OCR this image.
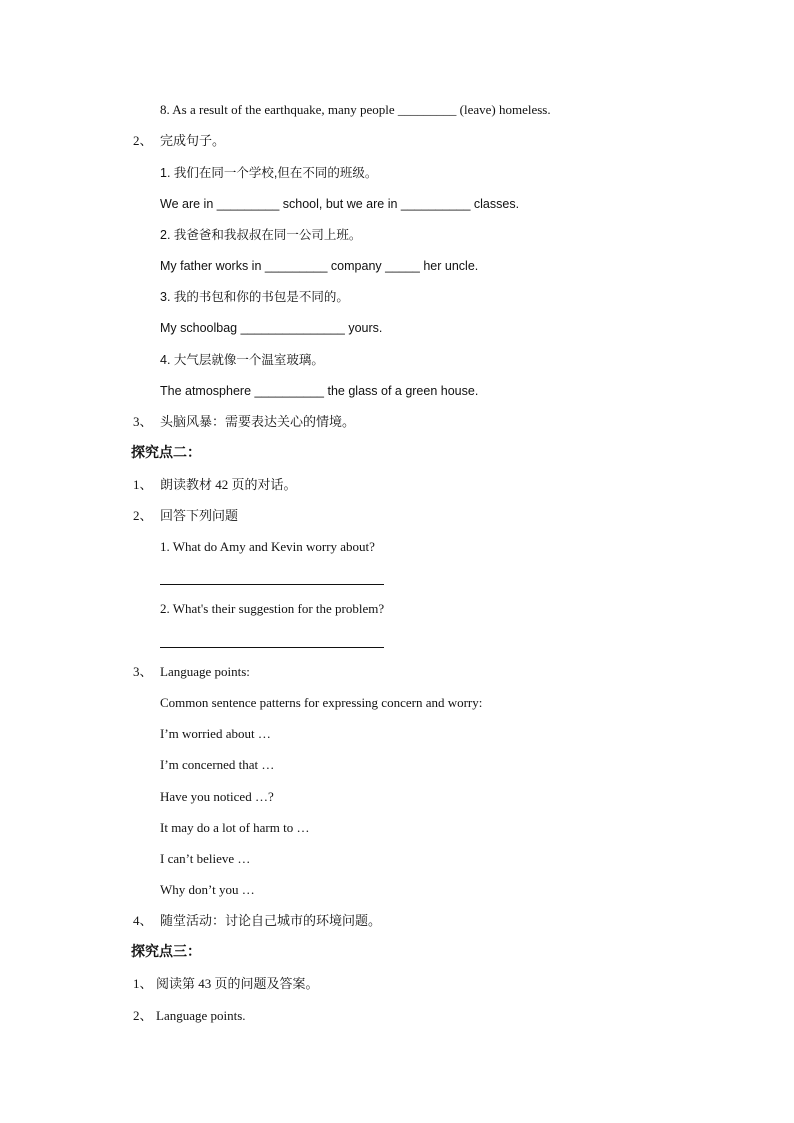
8. As a result of the earthquake, many people _________ (leave) homeless.
2、 完成句子。
1. 我们在同一个学校,但在不同的班级。
We are in _________ school, but we are in __________ classes.
2. 我爸爸和我叔叔在同一公司上班。
My father works in _________ company _____ her uncle.
3. 我的书包和你的书包是不同的。
My schoolbag _______________ yours.
4. 大气层就像一个温室玻璃。
The atmosphere __________ the glass of a green house.
3、 头脑风暴：需要表达关心的情境。
探究点二：
1、 朗读教材 42 页的对话。
2、 回答下列问题
1. What do Amy and Kevin worry about?
2. What's their suggestion for the problem?
3、 Language points:
Common sentence patterns for expressing concern and worry:
I’m worried about …
I’m concerned that …
Have you noticed …?
It may do a lot of harm to …
I can’t believe …
Why don’t you …
4、 随堂活动：讨论自己城市的环境问题。
探究点三：
1、 阅读第 43 页的问题及答案。
2、 Language points.
